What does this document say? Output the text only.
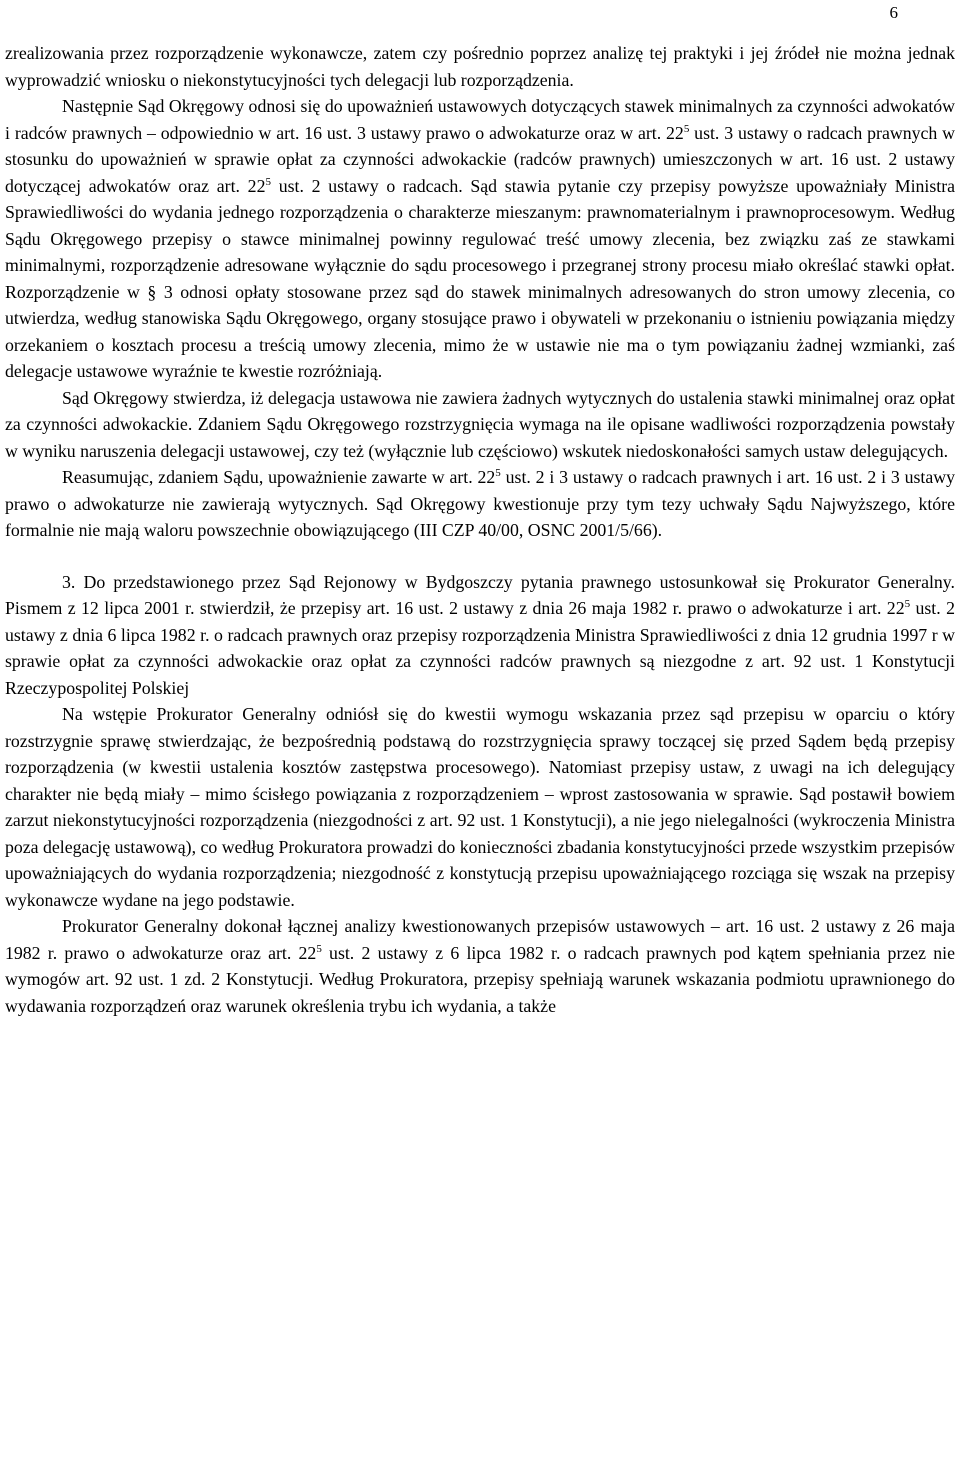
6

zrealizowania przez rozporządzenie wykonawcze, zatem czy pośrednio poprzez analizę tej praktyki i jej źródeł nie można jednak wyprowadzić wniosku o niekonstytucyjności tych delegacji lub rozporządzenia.

Następnie Sąd Okręgowy odnosi się do upoważnień ustawowych dotyczących stawek minimalnych za czynności adwokatów i radców prawnych – odpowiednio w art. 16 ust. 3 ustawy prawo o adwokaturze oraz w art. $22^5$ ust. 3 ustawy o radcach prawnych w stosunku do upoważnień w sprawie opłat za czynności adwokackie (radców prawnych) umieszczonych w art. 16 ust. 2 ustawy dotyczącej adwokatów oraz art. $22^5$ ust. 2 ustawy o radcach. Sąd stawia pytanie czy przepisy powyższe upoważniały Ministra Sprawiedliwości do wydania jednego rozporządzenia o charakterze mieszanym: prawnomaterialnym i prawnoprocesowym. Według Sądu Okręgowego przepisy o stawce minimalnej powinny regulować treść umowy zlecenia, bez związku zaś ze stawkami minimalnymi, rozporządzenie adresowane wyłącznie do sądu procesowego i przegranej strony procesu miało określać stawki opłat. Rozporządzenie w § 3 odnosi opłaty stosowane przez sąd do stawek minimalnych adresowanych do stron umowy zlecenia, co utwierdza, według stanowiska Sądu Okręgowego, organy stosujące prawo i obywateli w przekonaniu o istnieniu powiązania między orzekaniem o kosztach procesu a treścią umowy zlecenia, mimo że w ustawie nie ma o tym powiązaniu żadnej wzmianki, zaś delegacje ustawowe wyraźnie te kwestie rozróżniają.

Sąd Okręgowy stwierdza, iż delegacja ustawowa nie zawiera żadnych wytycznych do ustalenia stawki minimalnej oraz opłat za czynności adwokackie. Zdaniem Sądu Okręgowego rozstrzygnięcia wymaga na ile opisane wadliwości rozporządzenia powstały w wyniku naruszenia delegacji ustawowej, czy też (wyłącznie lub częściowo) wskutek niedoskonałości samych ustaw delegujących.

Reasumując, zdaniem Sądu, upoważnienie zawarte w art. $22^5$ ust. 2 i 3 ustawy o radcach prawnych i art. 16 ust. 2 i 3 ustawy prawo o adwokaturze nie zawierają wytycznych. Sąd Okręgowy kwestionuje przy tym tezy uchwały Sądu Najwyższego, które formalnie nie mają waloru powszechnie obowiązującego (III CZP 40/00, OSNC 2001/5/66).

3. Do przedstawionego przez Sąd Rejonowy w Bydgoszczy pytania prawnego ustosunkował się Prokurator Generalny. Pismem z 12 lipca 2001 r. stwierdził, że przepisy art. 16 ust. 2 ustawy z dnia 26 maja 1982 r. prawo o adwokaturze i art. $22^5$ ust. 2 ustawy z dnia 6 lipca 1982 r. o radcach prawnych oraz przepisy rozporządzenia Ministra Sprawiedliwości z dnia 12 grudnia 1997 r w sprawie opłat za czynności adwokackie oraz opłat za czynności radców prawnych są niezgodne z art. 92 ust. 1 Konstytucji Rzeczypospolitej Polskiej

Na wstępie Prokurator Generalny odniósł się do kwestii wymogu wskazania przez sąd przepisu w oparciu o który rozstrzygnie sprawę stwierdzając, że bezpośrednią podstawą do rozstrzygnięcia sprawy toczącej się przed Sądem będą przepisy rozporządzenia (w kwestii ustalenia kosztów zastępstwa procesowego). Natomiast przepisy ustaw, z uwagi na ich delegujący charakter nie będą miały – mimo ścisłego powiązania z rozporządzeniem – wprost zastosowania w sprawie. Sąd postawił bowiem zarzut niekonstytucyjności rozporządzenia (niezgodności z art. 92 ust. 1 Konstytucji), a nie jego nielegalności (wykroczenia Ministra poza delegację ustawową), co według Prokuratora prowadzi do konieczności zbadania konstytucyjności przede wszystkim przepisów upoważniających do wydania rozporządzenia; niezgodność z konstytucją przepisu upoważniającego rozciąga się wszak na przepisy wykonawcze wydane na jego podstawie.

Prokurator Generalny dokonał łącznej analizy kwestionowanych przepisów ustawowych – art. 16 ust. 2 ustawy z 26 maja 1982 r. prawo o adwokaturze oraz art. $22^5$ ust. 2 ustawy z 6 lipca 1982 r. o radcach prawnych pod kątem spełniania przez nie wymogów art. 92 ust. 1 zd. 2 Konstytucji. Według Prokuratora, przepisy spełniają warunek wskazania podmiotu uprawnionego do wydawania rozporządzeń oraz warunek określenia trybu ich wydania, a także
